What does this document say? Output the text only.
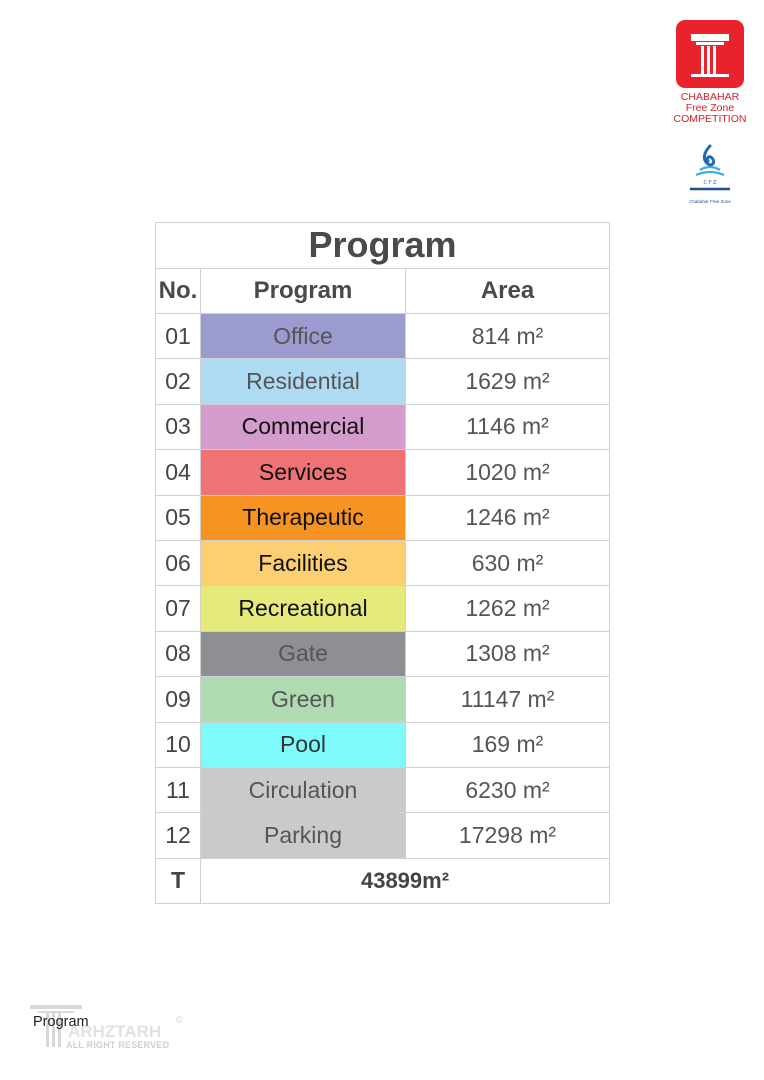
CHABAHAR
Free Zone
COMPETITION
C F Z
Chabahar Free Zone
Program		
No.	Program	Area
01	Office	814 m²
02	Residential	1629 m²
03	Commercial	1146 m²
04	Services	1020 m²
05	Therapeutic	1246 m²
06	Facilities	630 m²
07	Recreational	1262 m²
08	Gate	1308 m²
09	Green	11147 m²
10	Pool	169 m²
11	Circulation	6230 m²
12	Parking	17298 m²
T	43899m²	
ARHZTARH
©
Program
ALL RIGHT RESERVED
